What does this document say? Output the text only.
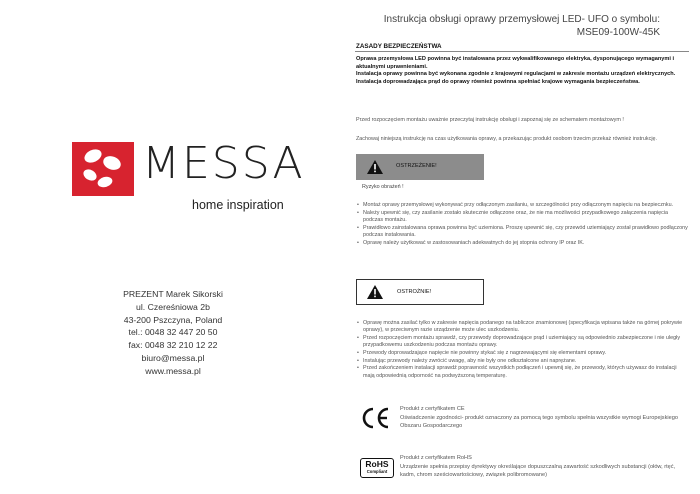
MESSA
home inspiration
PREZENT Marek Sikorski
ul. Czereśniowa 2b
43-200 Pszczyna, Poland
tel.: 0048 32 447 20 50
fax: 0048 32 210 12 22
biuro@messa.pl
www.messa.pl
Instrukcja obsługi oprawy przemysłowej LED- UFO o symbolu:
MSE09-100W-45K
ZASADY BEZPIECZEŃSTWA

Oprawa przemysłowa LED powinna być instalowana przez wykwalifikowanego elektryka, dysponującego wymaganymi i aktualnymi uprawnieniami.

Instalacja oprawy powinna być wykonana zgodnie z krajowymi regulacjami w zakresie montażu urządzeń elektrycznych.

Instalacja doprowadzająca prąd do oprawy również powinna spełniać krajowe wymagania bezpieczeństwa.

Przed rozpoczęciem montażu uważnie przeczytaj instrukcję obsługi i zapoznaj się ze schematem montażowym !

Zachowaj niniejszą instrukcję na czas użytkowania oprawy, a przekazując produkt osobom trzecim przekaż również instrukcję.

OSTRZEŻENIE!
Ryzyko obrażeń !
• Montaż oprawy przemysłowej wykonywać przy odłączonym zasilaniu, w szczególności przy odłączonym napięciu na bezpiecznku.
• Należy upewnić się, czy zasilanie zostało skutecznie odłączone oraz, że nie ma możliwości przypadkowego załączenia napięcia podczas montażu.
• Prawidłowo zainstalowana oprawa powinna być uziemiona. Proszę upewnić się, czy przewód uziemiający został prawidłowo podłączony podczas instalowania.
• Oprawę należy użytkować w zastosowaniach adekwatnych do jej stopnia ochrony IP oraz IK.
OSTROŻNIE!
• Oprawę można zasilać tylko w zakresie napięcia podanego na tabliczce znamionowej (specyfikacja wpisana także na górnej pokrywie oprawy), w przeciwnym razie urządzenie może ulec uszkodzeniu.
• Przed rozpoczęciem montażu sprawdź, czy przewody doprowadzające prąd i uziemiający są odpowiednio zabezpieczone i nie uległy przypadkowemu uszkodzeniu podczas montażu oprawy.
• Przewody doprowadzające napięcie nie powinny stykać się z nagrzewającymi się elementami oprawy.
• Instalując przewody należy zwrócić uwagę, aby nie były one odkształcone ani naprężane.
• Przed zakończeniem instalacji sprawdź poprawność wszystkich podłączeń i upewnij się, że przewody, których używasz do instalacji mają odpowiednią odporność na podwyższoną temperaturę.

Produkt z certyfikatem CE

Oświadczenie zgodności- produkt oznaczony za pomocą tego symbolu spełnia wszystkie wymogi Europejskiego Obszaru Gospodarczego

RoHS
Compliant

Produkt z certyfikatem RoHS

Urządzenie spełnia przepisy dyrektywy określające dopuszczalną zawartość szkodliwych substancji (ołów, rtęć, kadm, chrom sześciowartościowy, związek polibromowane)
